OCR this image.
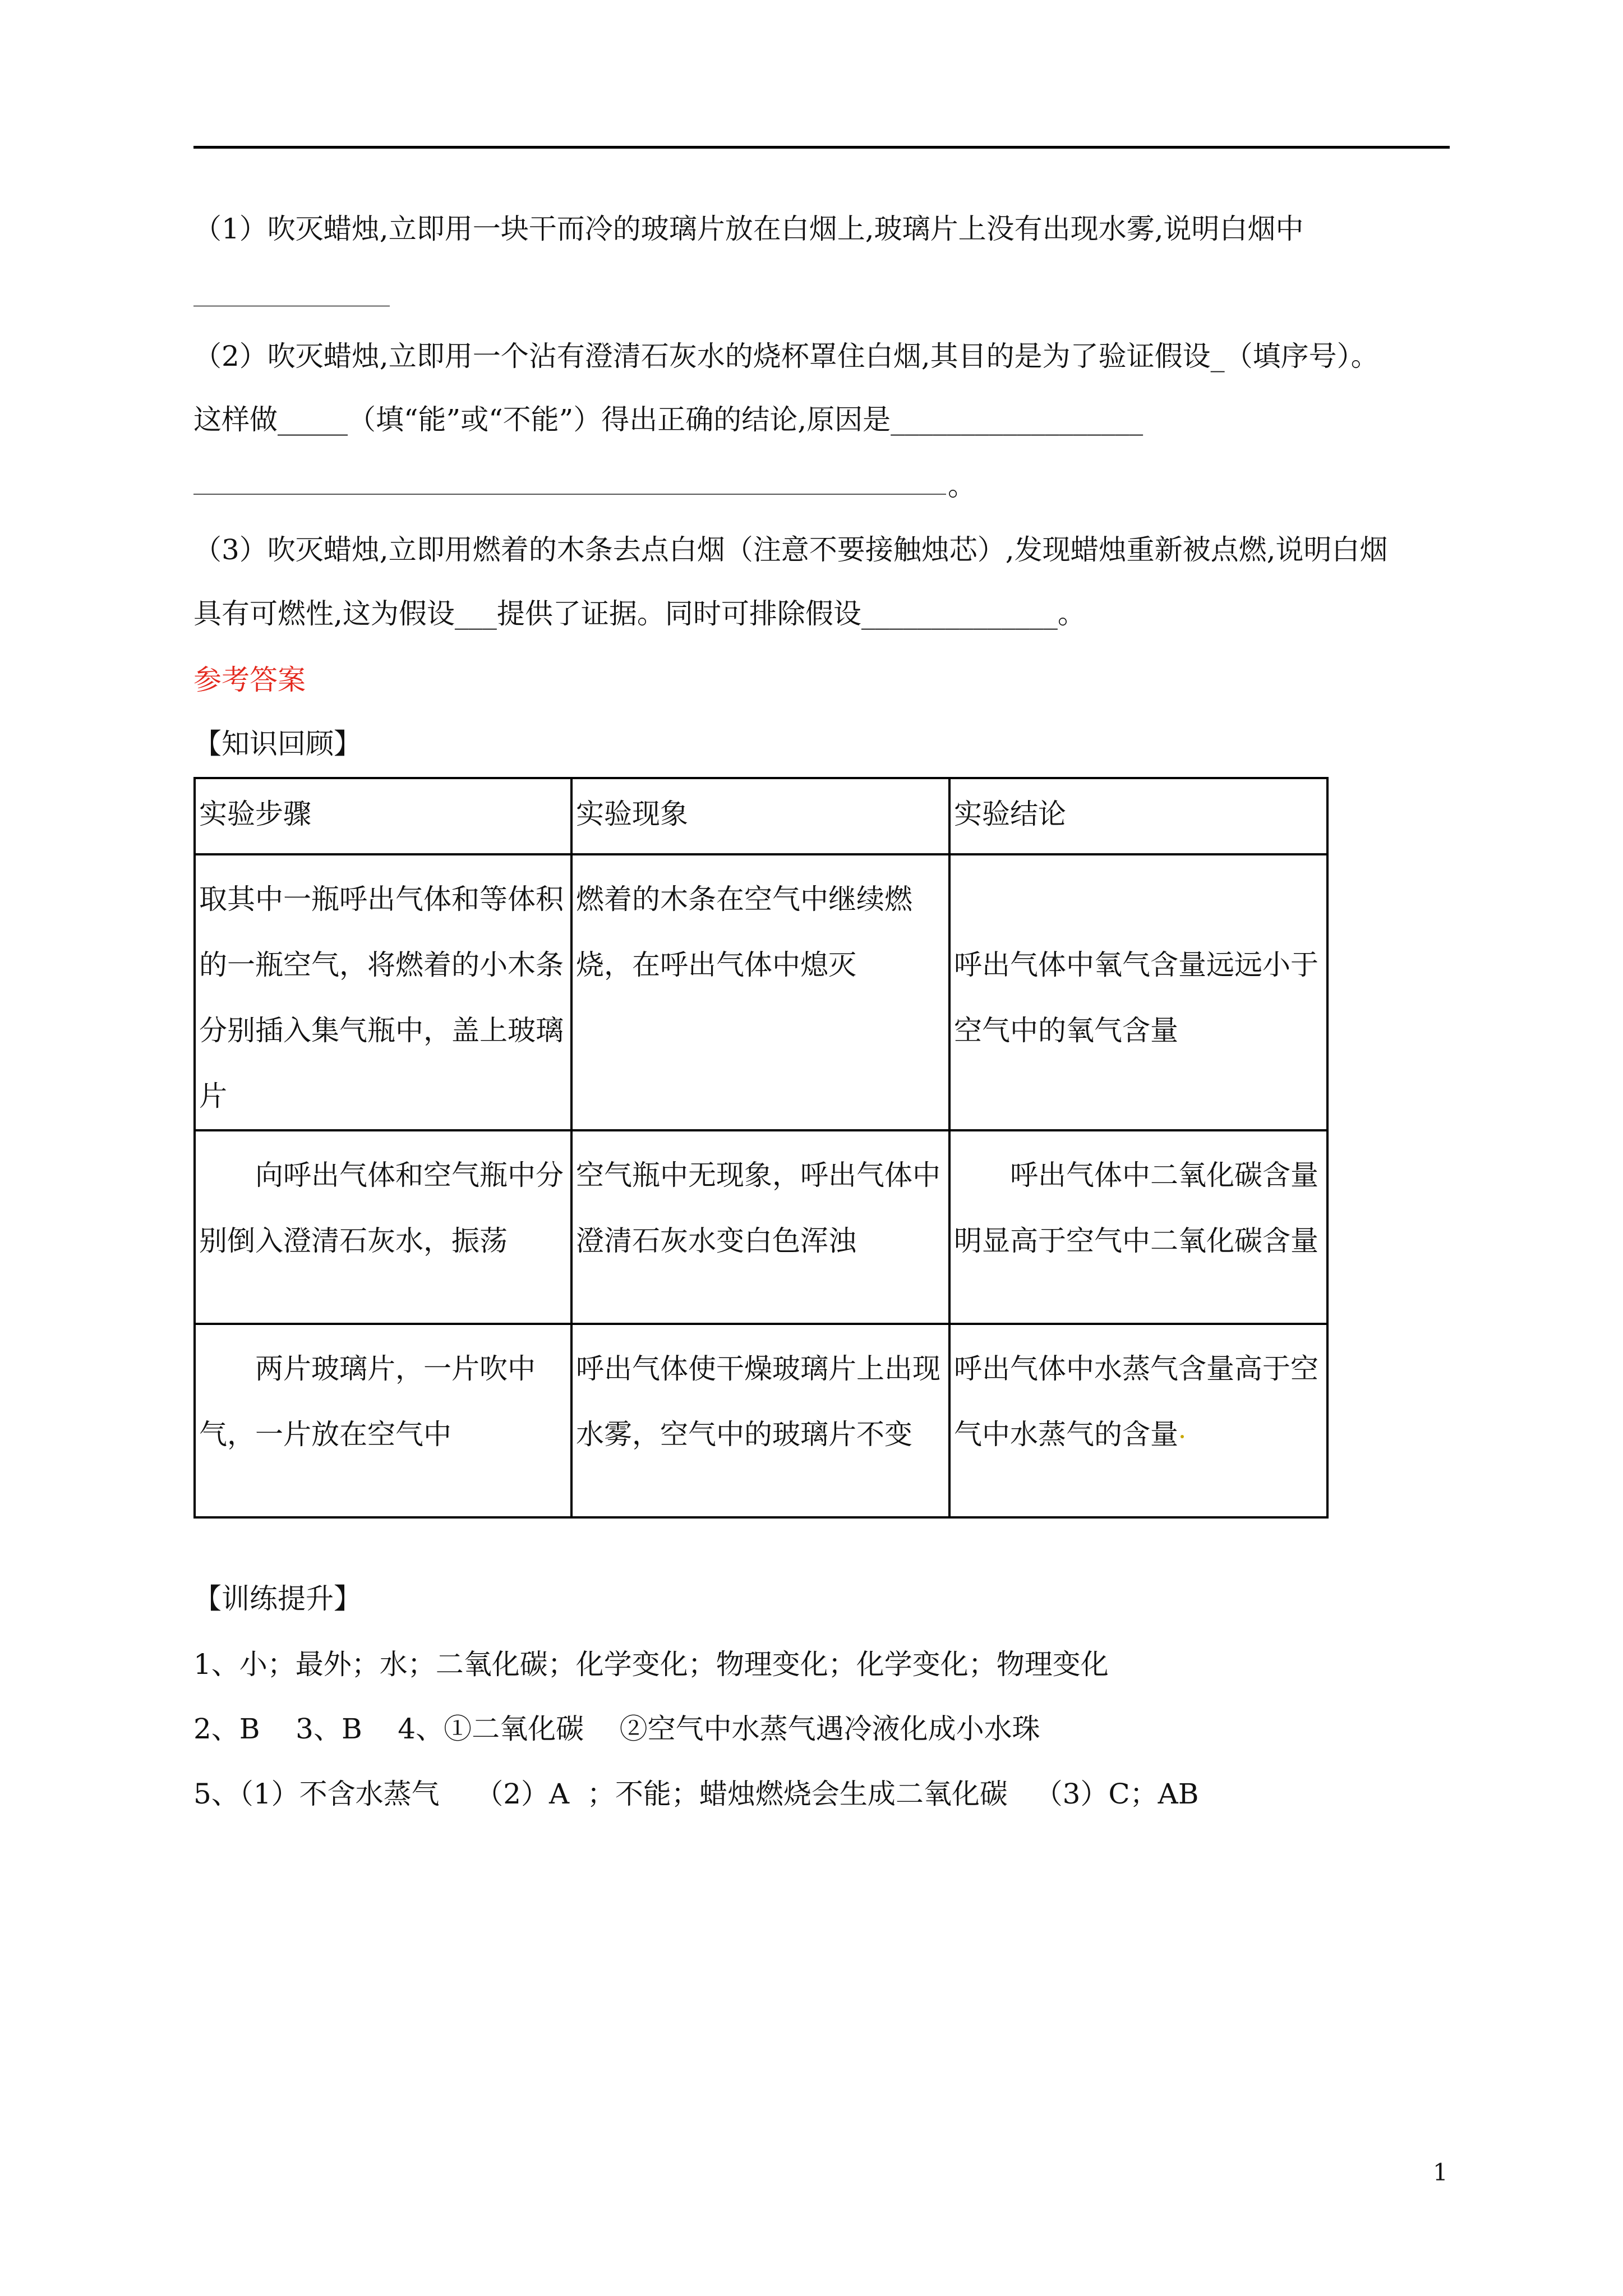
（1）吹灭蜡烛,立即用一块干而冷的玻璃片放在白烟上,玻璃片上没有出现水雾,说明白烟中
______________
（2）吹灭蜡烛,立即用一个沾有澄清石灰水的烧杯罩住白烟,其目的是为了验证假设_（填序号）。
这样做_____（填“能”或“不能”）得出正确的结论,原因是__________________
。
（3）吹灭蜡烛,立即用燃着的木条去点白烟（注意不要接触烛芯）,发现蜡烛重新被点燃,说明白烟
具有可燃性,这为假设___提供了证据。同时可排除假设______________。
参考答案
【知识回顾】
实验步骤	实验现象	实验结论
取其中一瓶呼出气体和等体积的一瓶空气，将燃着的小木条分别插入集气瓶中，盖上玻璃片	燃着的木条在空气中继续燃烧，在呼出气体中熄灭	呼出气体中氧气含量远远小于空气中的氧气含量
向呼出气体和空气瓶中分别倒入澄清石灰水，振荡	空气瓶中无现象，呼出气体中澄清石灰水变白色浑浊	呼出气体中二氧化碳含量明显高于空气中二氧化碳含量
两片玻璃片，一片吹中气，一片放在空气中	呼出气体使干燥玻璃片上出现水雾，空气中的玻璃片不变	呼出气体中水蒸气含量高于空气中水蒸气的含量
【训练提升】
1、小；最外；水；二氧化碳；化学变化；物理变化；化学变化；物理变化
2、B    3、B    4、①二氧化碳    ②空气中水蒸气遇冷液化成小水珠
5、（1）不含水蒸气    （2）A  ；不能；蜡烛燃烧会生成二氧化碳   （3）C；AB
1
